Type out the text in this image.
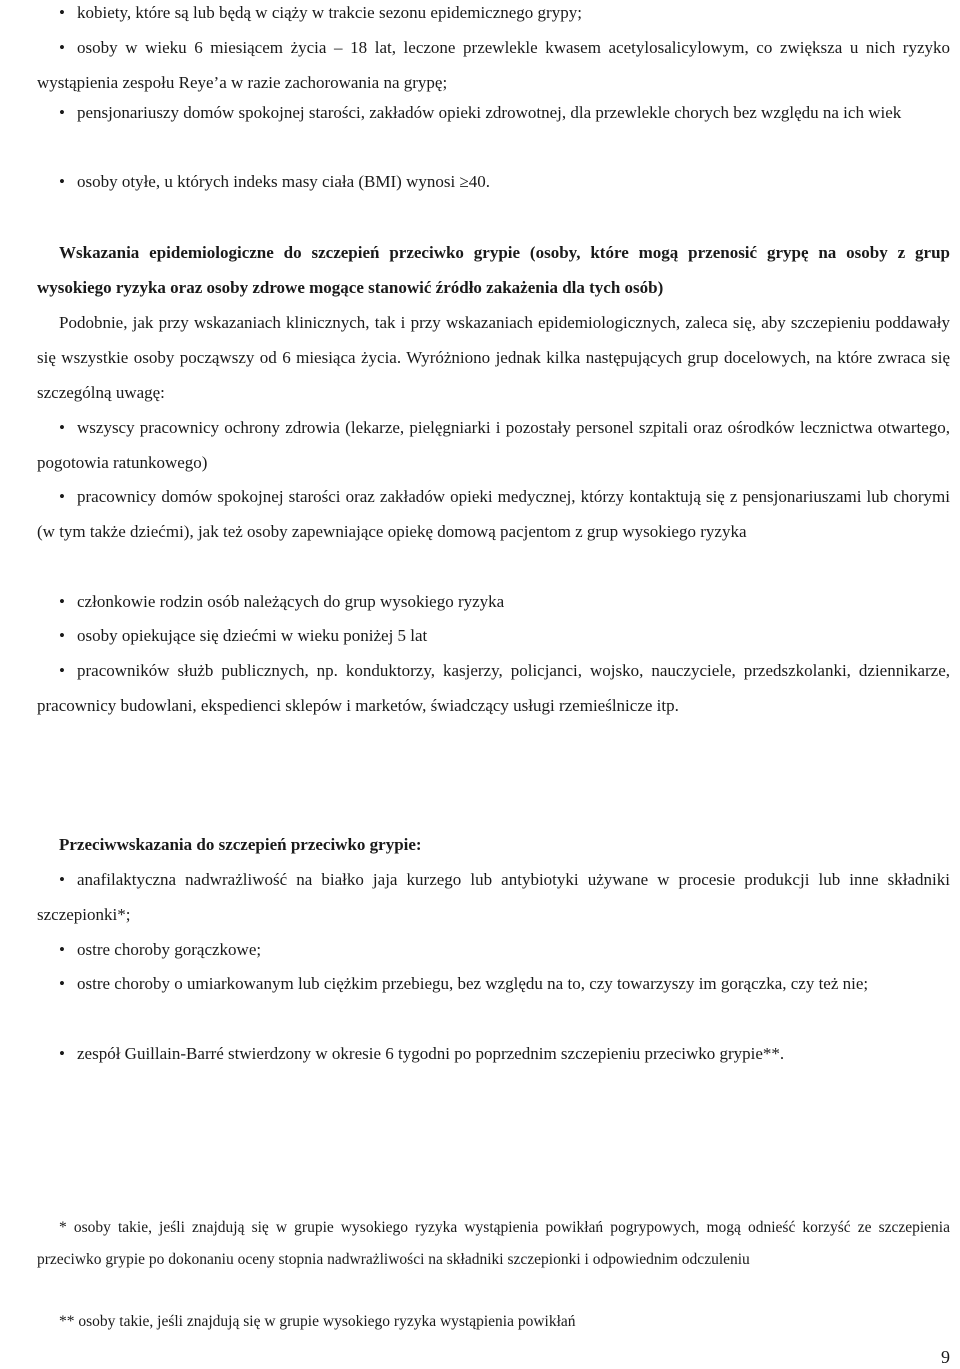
• kobiety, które są lub będą w ciąży w trakcie sezonu epidemicznego grypy;

• osoby w wieku 6 miesiącem życia – 18 lat, leczone przewlekle kwasem acetylosalicylowym, co zwiększa u nich ryzyko wystąpienia zespołu Reye’a w razie zachorowania na grypę;

• pensjonariuszy domów spokojnej starości, zakładów opieki zdrowotnej, dla przewlekle chorych bez względu na ich wiek

• osoby otyłe, u których indeks masy ciała (BMI) wynosi ≥40.

Wskazania epidemiologiczne do szczepień przeciwko grypie (osoby, które mogą przenosić grypę na osoby z grup wysokiego ryzyka oraz osoby zdrowe mogące stanowić źródło zakażenia dla tych osób)

Podobnie, jak przy wskazaniach klinicznych, tak i przy wskazaniach epidemiologicznych, zaleca się, aby szczepieniu poddawały się wszystkie osoby począwszy od 6 miesiąca życia. Wyróżniono jednak kilka następujących grup docelowych, na które zwraca się szczególną uwagę:

• wszyscy pracownicy ochrony zdrowia (lekarze, pielęgniarki i pozostały personel szpitali oraz ośrodków lecznictwa otwartego, pogotowia ratunkowego)

• pracownicy domów spokojnej starości oraz zakładów opieki medycznej, którzy kontaktują się z pensjonariuszami lub chorymi (w tym także dziećmi), jak też osoby zapewniające opiekę domową pacjentom z grup wysokiego ryzyka

• członkowie rodzin osób należących do grup wysokiego ryzyka

• osoby opiekujące się dziećmi w wieku poniżej 5 lat

• pracowników służb publicznych, np. konduktorzy, kasjerzy, policjanci, wojsko, nauczyciele, przedszkolanki, dziennikarze, pracownicy budowlani, ekspedienci sklepów i marketów, świadczący usługi rzemieślnicze itp.

Przeciwwskazania do szczepień przeciwko grypie:

• anafilaktyczna nadwrażliwość na białko jaja kurzego lub antybiotyki używane w procesie produkcji lub inne składniki szczepionki*;

• ostre choroby gorączkowe;

• ostre choroby o umiarkowanym lub ciężkim przebiegu, bez względu na to, czy towarzyszy im gorączka, czy też nie;

• zespół Guillain-Barré stwierdzony w okresie 6 tygodni po poprzednim szczepieniu przeciwko grypie**.

* osoby takie, jeśli znajdują się w grupie wysokiego ryzyka wystąpienia powikłań pogrypowych, mogą odnieść korzyść ze szczepienia przeciwko grypie po dokonaniu oceny stopnia nadwrażliwości na składniki szczepionki i odpowiednim odczuleniu

** osoby takie, jeśli znajdują się w grupie wysokiego ryzyka wystąpienia powikłań

9
